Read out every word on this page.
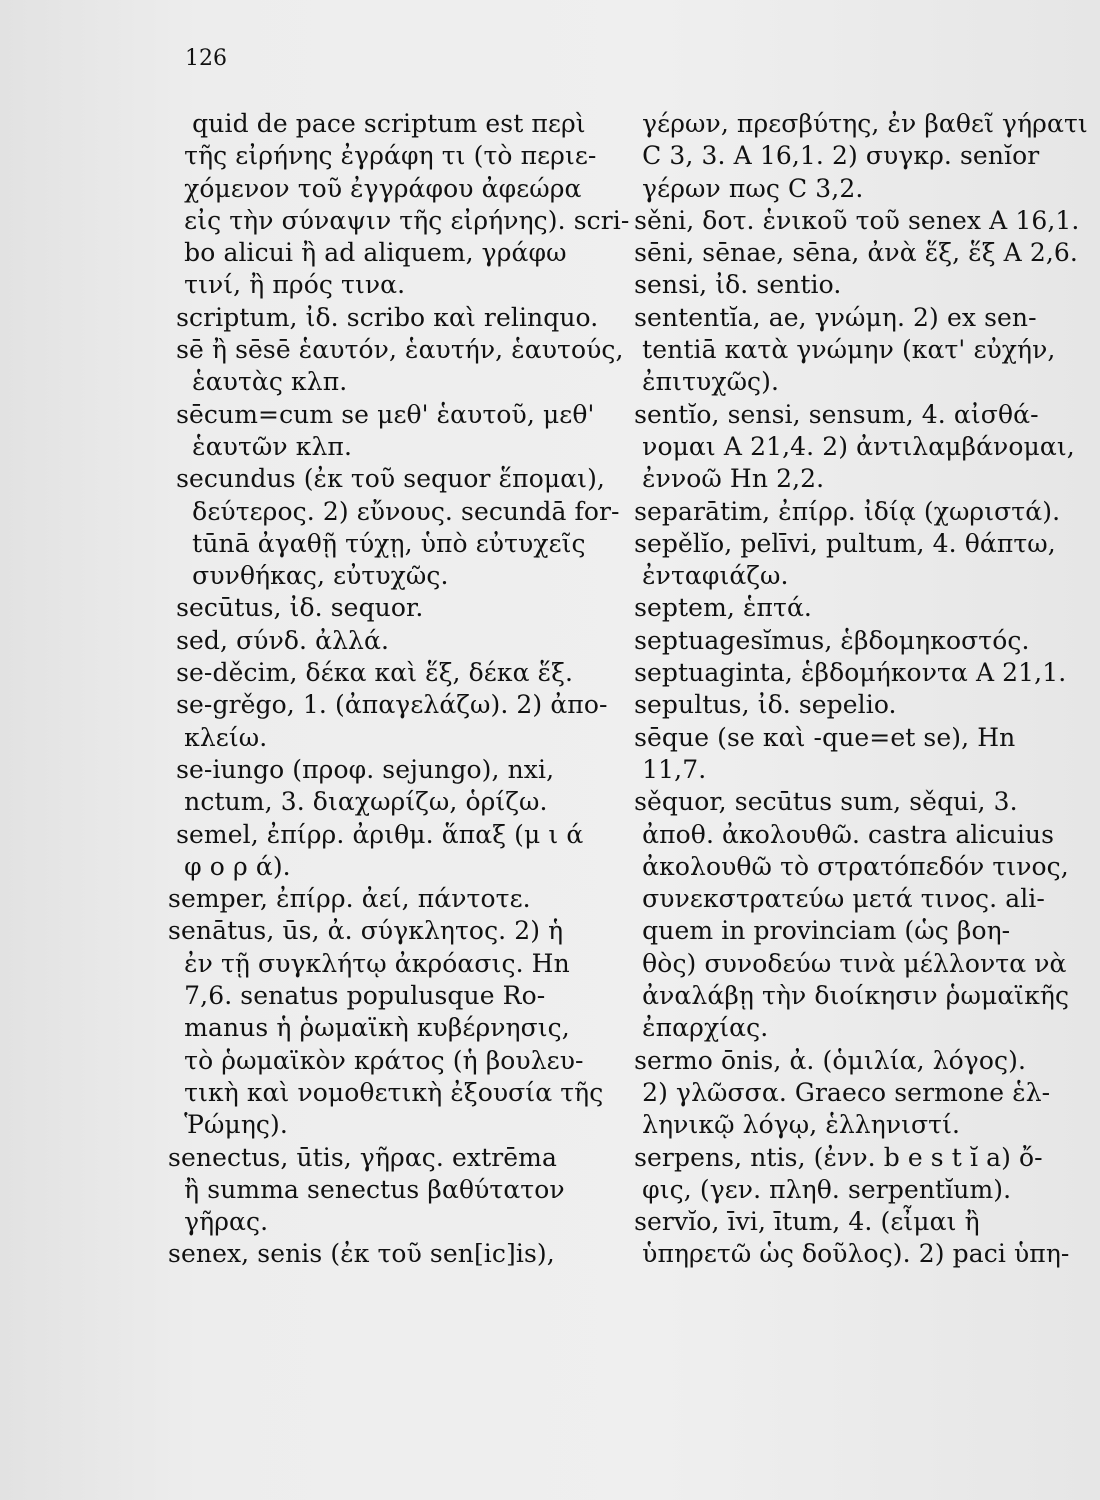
126
quid de pace scriptum est περὶ
τῆς εἰρήνης ἐγράφη τι (τὸ περιε-
χόμενον τοῦ ἐγγράφου ἀφεώρα
εἰς τὴν σύναψιν τῆς εἰρήνης). scri-
bo alicui ἢ ad aliquem, γράφω
τινί, ἢ πρός τινα.
scriptum, ἰδ. scribo καὶ relinquo.
sē ἢ sēsē ἑαυτόν, ἑαυτήν, ἑαυτούς,
ἑαυτὰς κλπ.
sēcum=cum se μεθ' ἑαυτοῦ, μεθ'
ἑαυτῶν κλπ.
secundus (ἐκ τοῦ sequor ἕπομαι),
δεύτερος. 2) εὔνους. secundā for-
tūnā ἀγαθῇ τύχῃ, ὑπὸ εὐτυχεῖς
συνθήκας, εὐτυχῶς.
secūtus, ἰδ. sequor.
sed, σύνδ. ἀλλά.
se-děcim, δέκα καὶ ἕξ, δέκα ἕξ.
se-grěgo, 1. (ἀπαγελάζω). 2) ἀπο-
κλείω.
se-iungo (προφ. sejungo), nxi,
nctum, 3. διαχωρίζω, ὁρίζω.
semel, ἐπίρρ. ἀριθμ. ἅπαξ (μ ι ά
φ ο ρ ά).
semper, ἐπίρρ. ἀεί, πάντοτε.
senātus, ūs, ἀ. σύγκλητος. 2) ἡ
ἐν τῇ συγκλήτῳ ἀκρόασις. Hn
7,6. senatus populusque Ro-
manus ἡ ῥωμαϊκὴ κυβέρνησις,
τὸ ῥωμαϊκὸν κράτος (ἡ βουλευ-
τικὴ καὶ νομοθετικὴ ἐξουσία τῆς
Ῥώμης).
senectus, ūtis, γῆρας. extrēma
ἢ summa senectus βαθύτατον
γῆρας.
senex, senis (ἐκ τοῦ sen[ic]is),
γέρων, πρεσβύτης, ἐν βαθεῖ γήρατι
C 3, 3. A 16,1. 2) συγκρ. senĭor
γέρων πως C 3,2.
sěni, δοτ. ἑνικοῦ τοῦ senex A 16,1.
sēni, sēnae, sēna, ἀνὰ ἕξ, ἕξ A 2,6.
sensi, ἰδ. sentio.
sententĭa, ae, γνώμη. 2) ex sen-
tentiā κατὰ γνώμην (κατ' εὐχήν,
ἐπιτυχῶς).
sentĭo, sensi, sensum, 4. αἰσθά-
νομαι A 21,4. 2) ἀντιλαμβάνομαι,
ἐννοῶ Hn 2,2.
separātim, ἐπίρρ. ἰδίᾳ (χωριστά).
sepělĭo, pelīvi, pultum, 4. θάπτω,
ἐνταφιάζω.
septem, ἑπτά.
septuagesĭmus, ἑβδομηκοστός.
septuaginta, ἑβδομήκοντα A 21,1.
sepultus, ἰδ. sepelio.
sēque (se καὶ -que=et se), Hn
11,7.
sěquor, secūtus sum, sěqui, 3.
ἀποθ. ἀκολουθῶ. castra alicuius
ἀκολουθῶ τὸ στρατόπεδόν τινος,
συνεκστρατεύω μετά τινος. ali-
quem in provinciam (ὡς βοη-
θὸς) συνοδεύω τινὰ μέλλοντα νὰ
ἀναλάβῃ τὴν διοίκησιν ῥωμαϊκῆς
ἐπαρχίας.
sermo ōnis, ἀ. (ὁμιλία, λόγος).
2) γλῶσσα. Graeco sermone ἑλ-
ληνικῷ λόγῳ, ἑλληνιστί.
serpens, ntis, (ἐνν. b e s t ĭ a) ὄ-
φις, (γεν. πληθ. serpentĭum).
servĭo, īvi, ītum, 4. (εἶμαι ἢ
ὑπηρετῶ ὡς δοῦλος). 2) paci ὑπη-
